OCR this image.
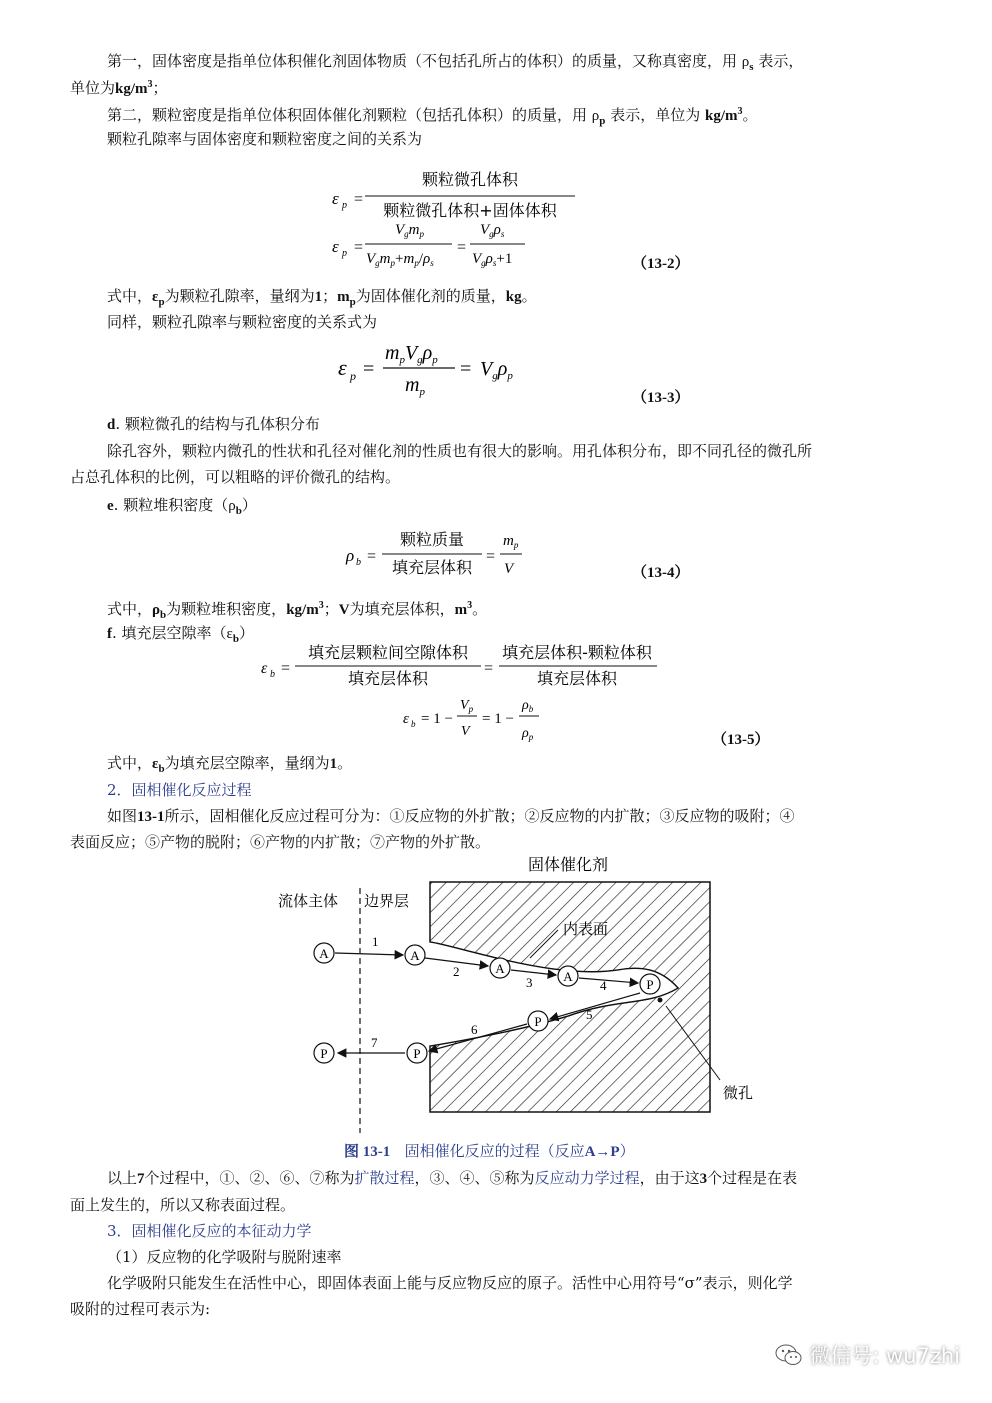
第一，固体密度是指单位体积催化剂固体物质（不包括孔所占的体积）的质量，又称真密度，用 $\rho_s$ 表示，
单位为$kg/m^3$；
第二，颗粒密度是指单位体积固体催化剂颗粒（包括孔体积）的质量，用 $\rho_p$ 表示，单位为 $kg/m^3$。
颗粒孔隙率与固体密度和颗粒密度之间的关系为
ε p =
颗粒微孔体积
颗粒微孔体积+固体体积
ε p =
$V_gm_p$
$V_gm_p+m_p/\rho_s$
=
$V_g\rho_s$
$V_g\rho_s+1$	（13-2）
式中，$\varepsilon_p$为颗粒孔隙率，量纲为1；$m_p$为固体催化剂的质量，kg。
同样，颗粒孔隙率与颗粒密度的关系式为
ε p =
$m_pV_g\rho_p$
$m_p$
= $V_g\rho_p$
（13-3）
d. 颗粒微孔的结构与孔体积分布
除孔容外，颗粒内微孔的性状和孔径对催化剂的性质也有很大的影响。用孔体积分布，即不同孔径的微孔所
占总孔体积的比例，可以粗略的评价微孔的结构。
e. 颗粒堆积密度$(\rho_b)$
ρ b =
颗粒质量
填充层体积
=
$m_p$
V	（13-4）
式中，$\rho_b$为颗粒堆积密度，$kg/m^3$；V为填充层体积，$m^3$。
f. 填充层空隙率$(\varepsilon_b)$
ε b =
填充层颗粒间空隙体积
填充层体积
=
填充层体积-颗粒体积
填充层体积
ε b = 1 −
$V_p$
V
= 1 −
$\rho_b$
$\rho_p$	（13-5）
式中，$\varepsilon_b$为填充层空隙率，量纲为1。
2．固相催化反应过程
如图13-1所示，固相催化反应过程可分为：①反应物的外扩散；②反应物的内扩散；③反应物的吸附；④
表面反应；⑤产物的脱附；⑥产物的内扩散；⑦产物的外扩散。
固体催化剂
流体主体 边界层
内表面
A	A
A
A
P
P
P
P
1
2
3	4
5
6
7
微孔
图 13-1 固相催化反应的过程（反应A→P）
以上7个过程中，①、②、⑥、⑦称为扩散过程，③、④、⑤称为反应动力学过程，由于这3个过程是在表
面上发生的，所以又称表面过程。
3．固相催化反应的本征动力学
（1）反应物的化学吸附与脱附速率
化学吸附只能发生在活性中心，即固体表面上能与反应物反应的原子。活性中心用符号“σ”表示，则化学
吸附的过程可表示为:
微信号: wu7zhi
